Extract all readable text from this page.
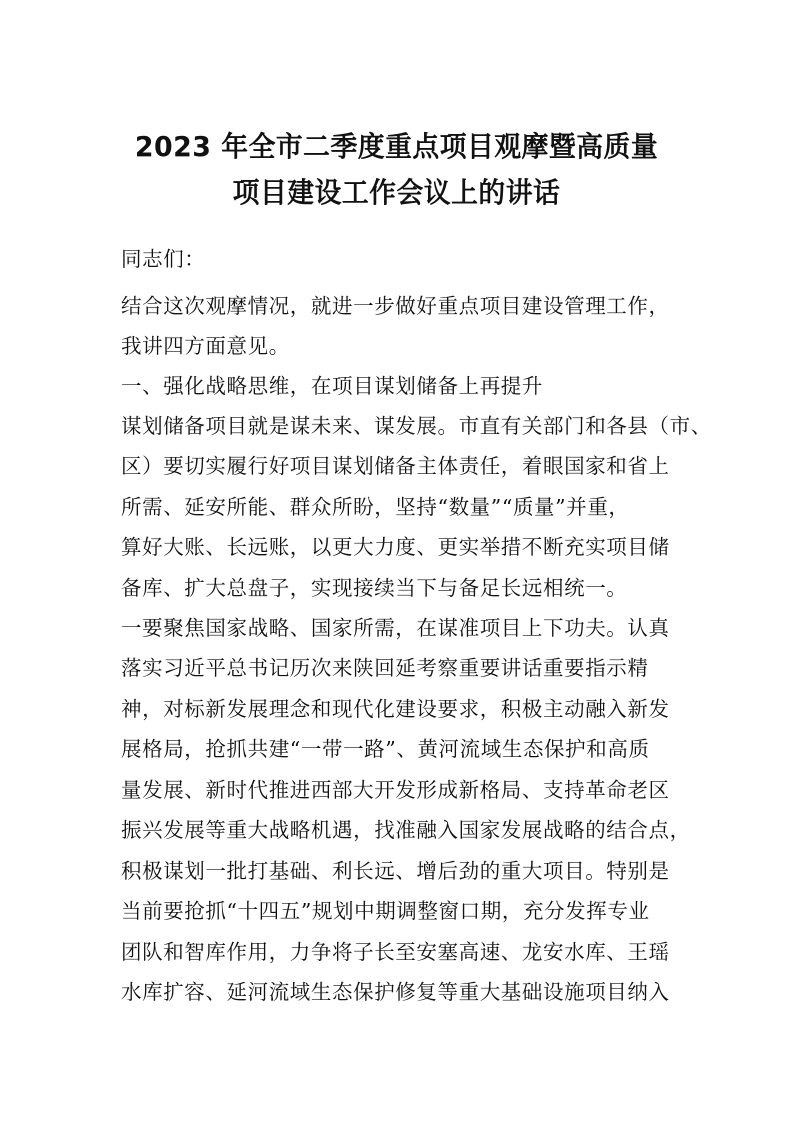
2023 年全市二季度重点项目观摩暨高质量
项目建设工作会议上的讲话
同志们：
结合这次观摩情况，就进一步做好重点项目建设管理工作，
我讲四方面意见。
一、强化战略思维，在项目谋划储备上再提升
谋划储备项目就是谋未来、谋发展。市直有关部门和各县（市、
区）要切实履行好项目谋划储备主体责任，着眼国家和省上
所需、延安所能、群众所盼，坚持“数量”“质量”并重，
算好大账、长远账，以更大力度、更实举措不断充实项目储
备库、扩大总盘子，实现接续当下与备足长远相统一。
一要聚焦国家战略、国家所需，在谋准项目上下功夫。认真
落实习近平总书记历次来陕回延考察重要讲话重要指示精
神，对标新发展理念和现代化建设要求，积极主动融入新发
展格局，抢抓共建“一带一路”、黄河流域生态保护和高质
量发展、新时代推进西部大开发形成新格局、支持革命老区
振兴发展等重大战略机遇，找准融入国家发展战略的结合点，
积极谋划一批打基础、利长远、增后劲的重大项目。特别是
当前要抢抓“十四五”规划中期调整窗口期，充分发挥专业
团队和智库作用，力争将子长至安塞高速、龙安水库、王瑶
水库扩容、延河流域生态保护修复等重大基础设施项目纳入
